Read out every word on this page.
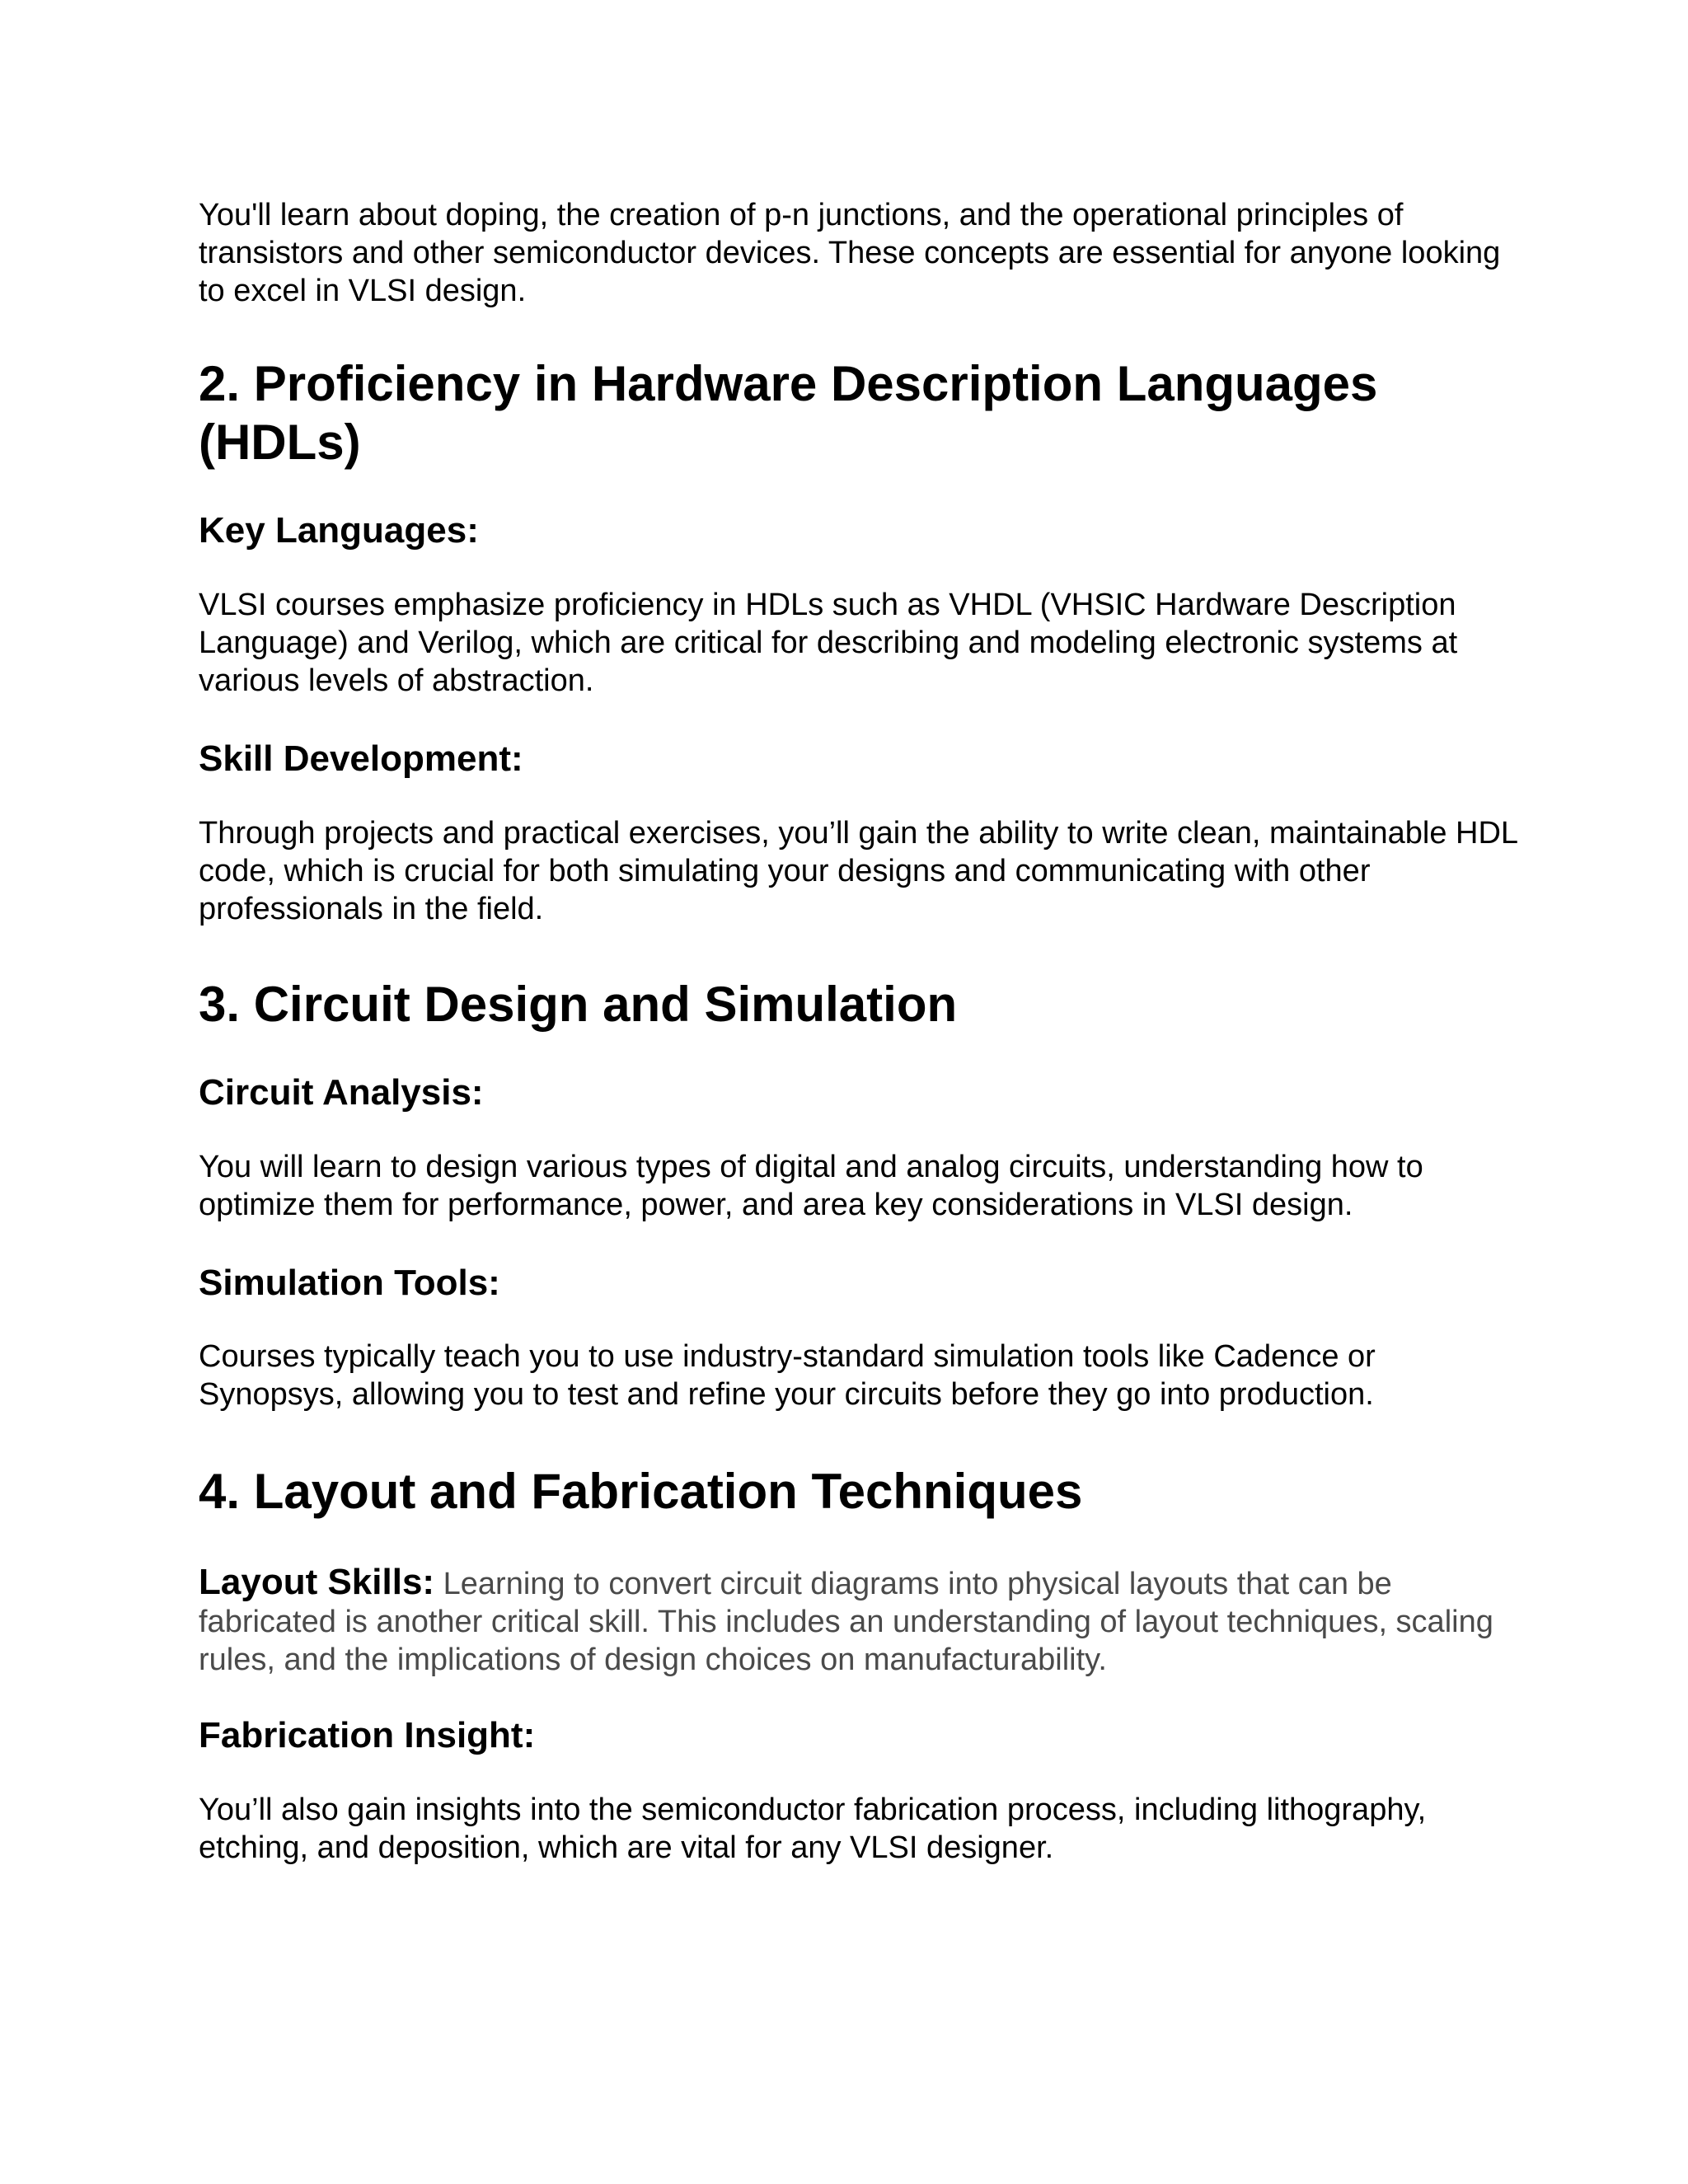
You'll learn about doping, the creation of p-n junctions, and the operational principles of transistors and other semiconductor devices. These concepts are essential for anyone looking to excel in VLSI design.

2. Proficiency in Hardware Description Languages (HDLs)
Key Languages:

VLSI courses emphasize proficiency in HDLs such as VHDL (VHSIC Hardware Description Language) and Verilog, which are critical for describing and modeling electronic systems at various levels of abstraction.

Skill Development:

Through projects and practical exercises, you’ll gain the ability to write clean, maintainable HDL code, which is crucial for both simulating your designs and communicating with other professionals in the field.

3. Circuit Design and Simulation
Circuit Analysis:

You will learn to design various types of digital and analog circuits, understanding how to optimize them for performance, power, and area key considerations in VLSI design.

Simulation Tools:

Courses typically teach you to use industry-standard simulation tools like Cadence or Synopsys, allowing you to test and refine your circuits before they go into production.

4. Layout and Fabrication Techniques

Layout Skills: Learning to convert circuit diagrams into physical layouts that can be fabricated is another critical skill. This includes an understanding of layout techniques, scaling rules, and the implications of design choices on manufacturability.

Fabrication Insight:

You’ll also gain insights into the semiconductor fabrication process, including lithography, etching, and deposition, which are vital for any VLSI designer.
